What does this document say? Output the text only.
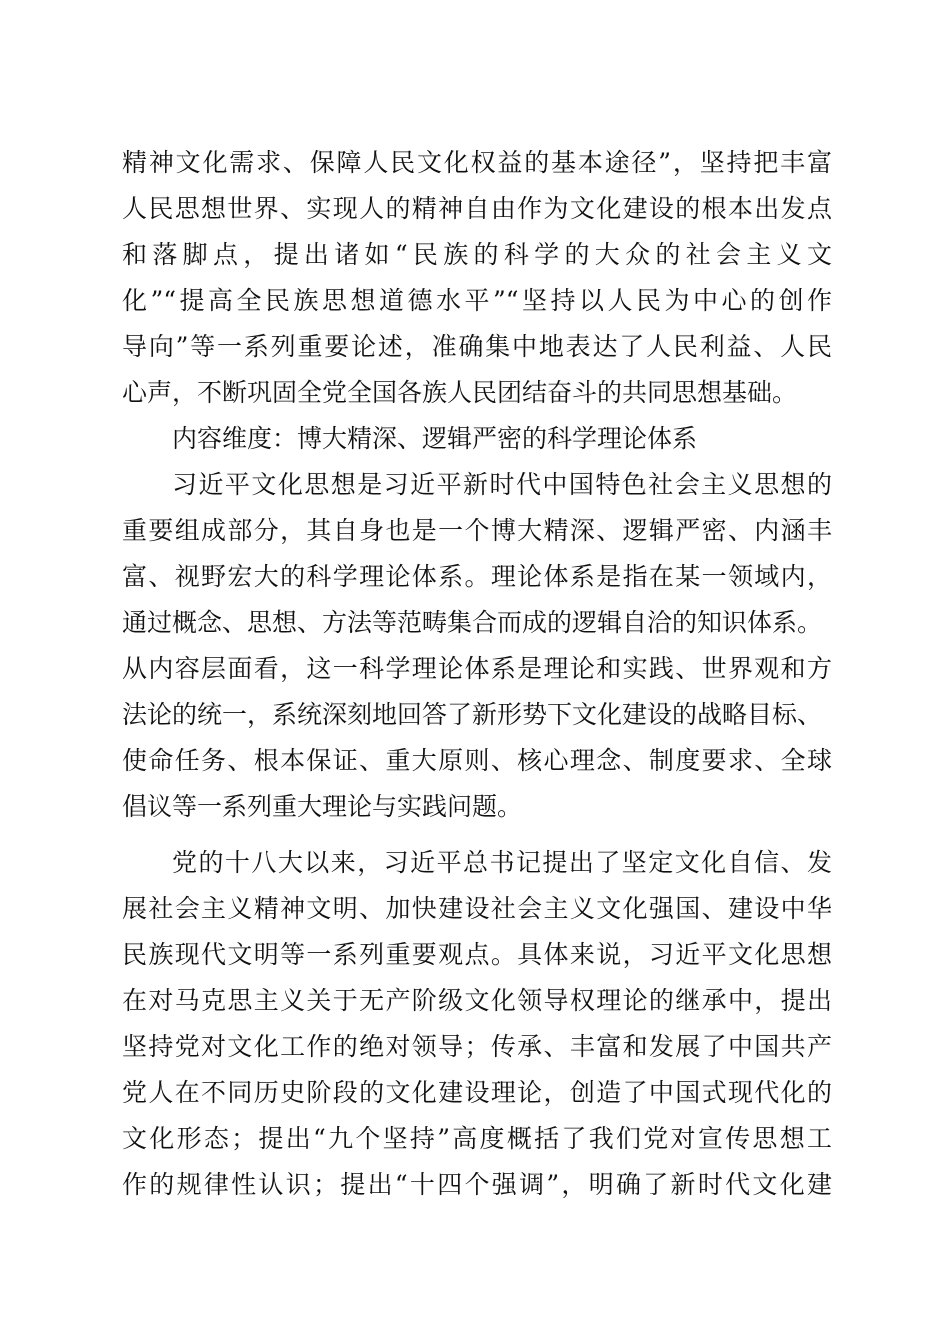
精神文化需求、保障人民文化权益的基本途径”，坚持把丰富
人民思想世界、实现人的精神自由作为文化建设的根本出发点
和落脚点，提出诸如“民族的科学的大众的社会主义文
化”“提高全民族思想道德水平”“坚持以人民为中心的创作
导向”等一系列重要论述，准确集中地表达了人民利益、人民
心声，不断巩固全党全国各族人民团结奋斗的共同思想基础。
内容维度：博大精深、逻辑严密的科学理论体系
习近平文化思想是习近平新时代中国特色社会主义思想的
重要组成部分，其自身也是一个博大精深、逻辑严密、内涵丰
富、视野宏大的科学理论体系。理论体系是指在某一领域内，
通过概念、思想、方法等范畴集合而成的逻辑自洽的知识体系。
从内容层面看，这一科学理论体系是理论和实践、世界观和方
法论的统一，系统深刻地回答了新形势下文化建设的战略目标、
使命任务、根本保证、重大原则、核心理念、制度要求、全球
倡议等一系列重大理论与实践问题。
党的十八大以来，习近平总书记提出了坚定文化自信、发
展社会主义精神文明、加快建设社会主义文化强国、建设中华
民族现代文明等一系列重要观点。具体来说，习近平文化思想
在对马克思主义关于无产阶级文化领导权理论的继承中，提出
坚持党对文化工作的绝对领导；传承、丰富和发展了中国共产
党人在不同历史阶段的文化建设理论，创造了中国式现代化的
文化形态；提出“九个坚持”高度概括了我们党对宣传思想工
作的规律性认识；提出“十四个强调”，明确了新时代文化建
